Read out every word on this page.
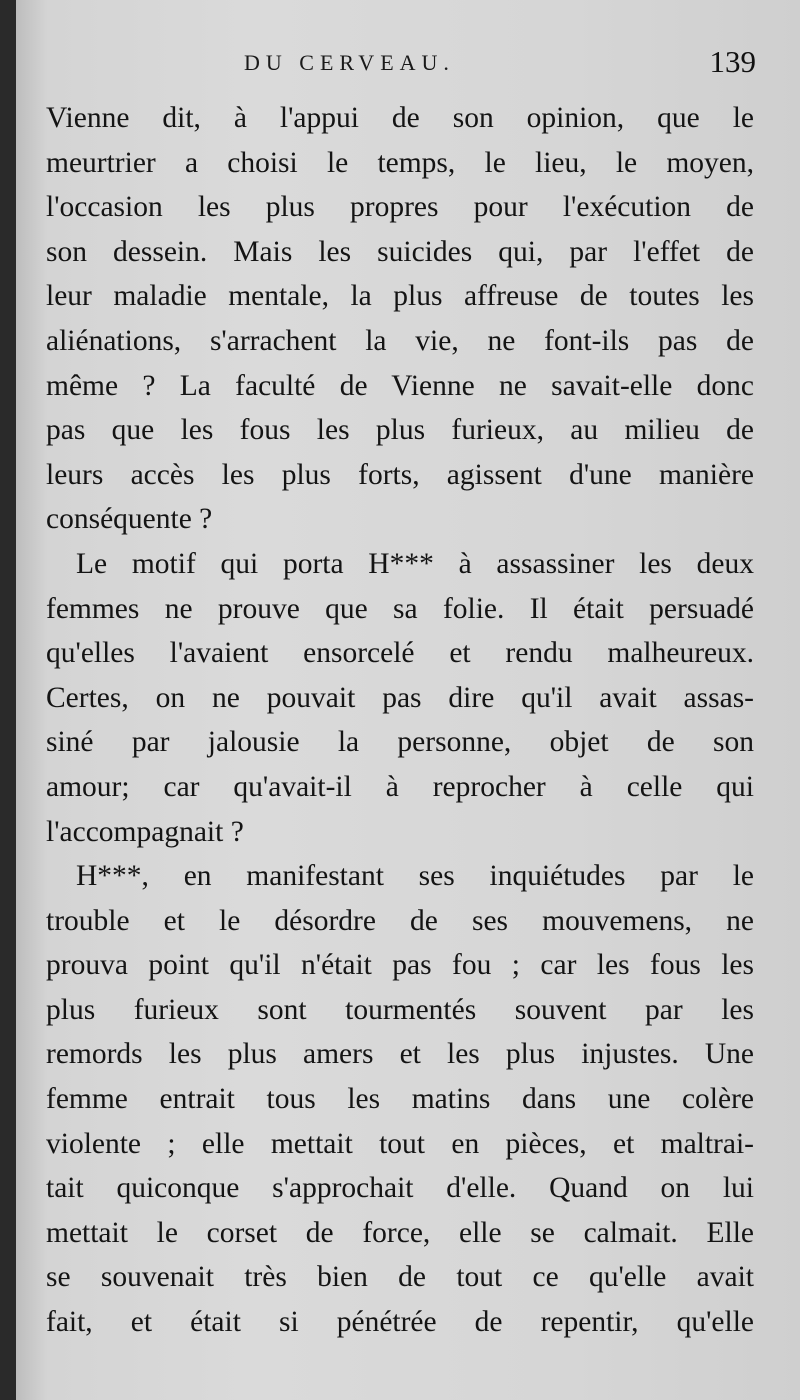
DU CERVEAU.	139
Vienne dit, à l'appui de son opinion, que le
meurtrier a choisi le temps, le lieu, le moyen,
l'occasion les plus propres pour l'exécution de
son dessein. Mais les suicides qui, par l'effet de
leur maladie mentale, la plus affreuse de toutes les
aliénations, s'arrachent la vie, ne font-ils pas de
même ? La faculté de Vienne ne savait-elle donc
pas que les fous les plus furieux, au milieu de
leurs accès les plus forts, agissent d'une manière
conséquente ?
Le motif qui porta H*** à assassiner les deux
femmes ne prouve que sa folie. Il était persuadé
qu'elles l'avaient ensorcelé et rendu malheureux.
Certes, on ne pouvait pas dire qu'il avait assas-
siné par jalousie la personne, objet de son
amour; car qu'avait-il à reprocher à celle qui
l'accompagnait ?
H***, en manifestant ses inquiétudes par le
trouble et le désordre de ses mouvemens, ne
prouva point qu'il n'était pas fou ; car les fous les
plus furieux sont tourmentés souvent par les
remords les plus amers et les plus injustes. Une
femme entrait tous les matins dans une colère
violente ; elle mettait tout en pièces, et maltrai-
tait quiconque s'approchait d'elle. Quand on lui
mettait le corset de force, elle se calmait. Elle
se souvenait très bien de tout ce qu'elle avait
fait, et était si pénétrée de repentir, qu'elle
